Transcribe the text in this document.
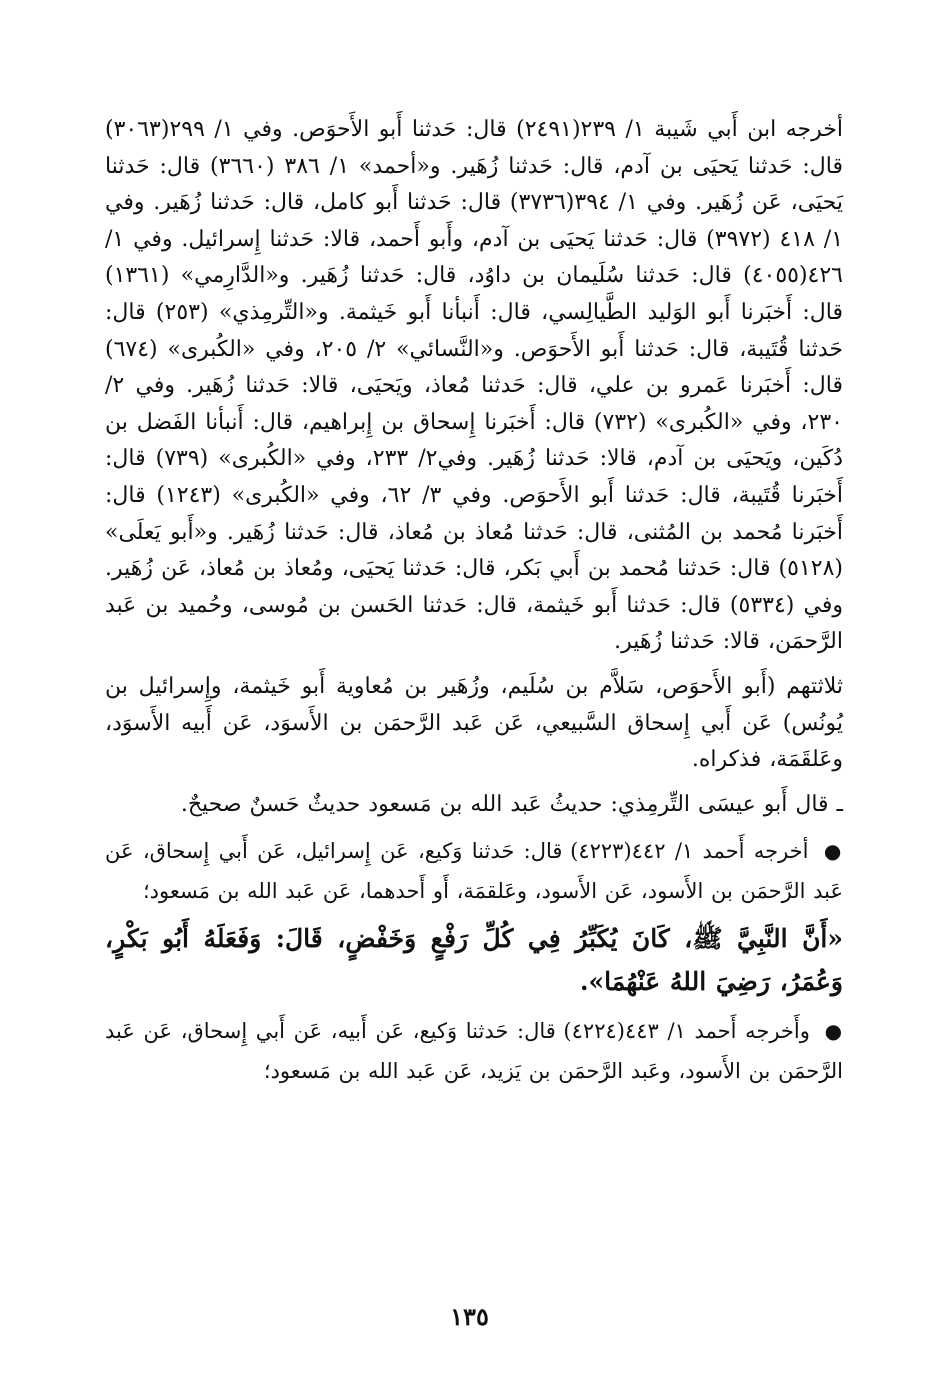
أخرجه ابن أَبي شَيبة ١/ ٢٣٩(٢٤٩١) قال: حَدثنا أَبو الأَحوَص. وفي ١/ ٢٩٩(٣٠٦٣) قال: حَدثنا يَحيَى بن آدم، قال: حَدثنا زُهَير. و«أحمد» ١/ ٣٨٦ (٣٦٦٠) قال: حَدثنا يَحيَى، عَن زُهَير. وفي ١/ ٣٩٤(٣٧٣٦) قال: حَدثنا أَبو كامل، قال: حَدثنا زُهَير. وفي ١/ ٤١٨ (٣٩٧٢) قال: حَدثنا يَحيَى بن آدم، وأَبو أَحمد، قالا: حَدثنا إِسرائيل. وفي ١/ ٤٢٦(٤٠٥٥) قال: حَدثنا سُلَيمان بن داوُد، قال: حَدثنا زُهَير. و«الدَّارِمي» (١٣٦١) قال: أَخبَرنا أَبو الوَليد الطَّيالِسي، قال: أَنبأنا أَبو خَيثمة. و«التِّرمِذي» (٢٥٣) قال: حَدثنا قُتَيبة، قال: حَدثنا أَبو الأَحوَص. و«النَّسائي» ٢/ ٢٠٥، وفي «الكُبرى» (٦٧٤) قال: أَخبَرنا عَمرو بن علي، قال: حَدثنا مُعاذ، ويَحيَى، قالا: حَدثنا زُهَير. وفي ٢/ ٢٣٠، وفي «الكُبرى» (٧٣٢) قال: أَخبَرنا إِسحاق بن إِبراهيم، قال: أَنبأنا الفَضل بن دُكَين، ويَحيَى بن آدم، قالا: حَدثنا زُهَير. وفي٢/ ٢٣٣، وفي «الكُبرى» (٧٣٩) قال: أَخبَرنا قُتَيبة، قال: حَدثنا أَبو الأَحوَص. وفي ٣/ ٦٢، وفي «الكُبرى» (١٢٤٣) قال: أَخبَرنا مُحمد بن المُثنى، قال: حَدثنا مُعاذ بن مُعاذ، قال: حَدثنا زُهَير. و«أَبو يَعلَى» (٥١٢٨) قال: حَدثنا مُحمد بن أَبي بَكر، قال: حَدثنا يَحيَى، ومُعاذ بن مُعاذ، عَن زُهَير. وفي (٥٣٣٤) قال: حَدثنا أَبو خَيثمة، قال: حَدثنا الحَسن بن مُوسى، وحُميد بن عَبد الرَّحمَن، قالا: حَدثنا زُهَير.

ثلاثتهم (أَبو الأَحوَص، سَلاَّم بن سُلَيم، وزُهَير بن مُعاوية أَبو خَيثمة، وإِسرائيل بن يُونُس) عَن أَبي إِسحاق السَّبيعي، عَن عَبد الرَّحمَن بن الأَسوَد، عَن أَبيه الأَسوَد، وعَلقَمَة، فذكراه.

ـ قال أَبو عيسَى التِّرمِذي: حديثُ عَبد الله بن مَسعود حديثٌ حَسنٌ صحيحٌ.

● أخرجه أَحمد ١/ ٤٤٢(٤٢٢٣) قال: حَدثنا وَكيع، عَن إِسرائيل، عَن أَبي إِسحاق، عَن عَبد الرَّحمَن بن الأَسود، عَن الأَسود، وعَلقمَة، أَو أَحدهما، عَن عَبد الله بن مَسعود؛

«أَنَّ النَّبِيَّ ﷺ، كَانَ يُكَبِّرُ فِي كُلِّ رَفْعٍ وَخَفْضٍ، قَالَ: وَفَعَلَهُ أَبُو بَكْرٍ، وَعُمَرُ، رَضِيَ اللهُ عَنْهُمَا».

● وأَخرجه أَحمد ١/ ٤٤٣(٤٢٢٤) قال: حَدثنا وَكيع، عَن أَبيه، عَن أَبي إِسحاق، عَن عَبد الرَّحمَن بن الأَسود، وعَبد الرَّحمَن بن يَزيد، عَن عَبد الله بن مَسعود؛

١٣٥
